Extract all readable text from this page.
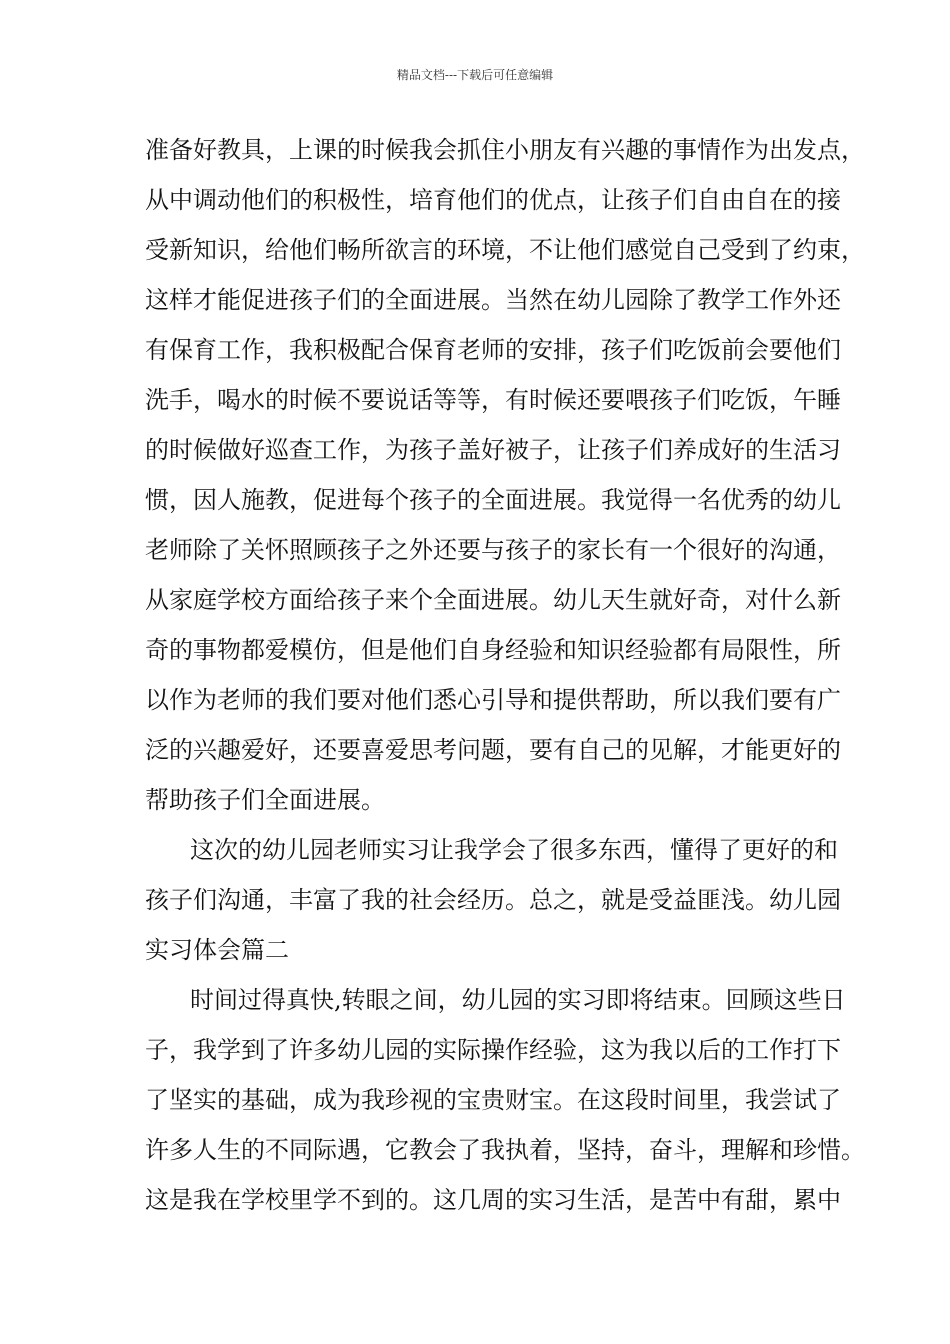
精品文档---下载后可任意编辑
准备好教具，上课的时候我会抓住小朋友有兴趣的事情作为出发点，
从中调动他们的积极性，培育他们的优点，让孩子们自由自在的接
受新知识，给他们畅所欲言的环境，不让他们感觉自己受到了约束，
这样才能促进孩子们的全面进展。当然在幼儿园除了教学工作外还
有保育工作，我积极配合保育老师的安排，孩子们吃饭前会要他们
洗手，喝水的时候不要说话等等，有时候还要喂孩子们吃饭，午睡
的时候做好巡查工作，为孩子盖好被子，让孩子们养成好的生活习
惯，因人施教，促进每个孩子的全面进展。我觉得一名优秀的幼儿
老师除了关怀照顾孩子之外还要与孩子的家长有一个很好的沟通，
从家庭学校方面给孩子来个全面进展。幼儿天生就好奇，对什么新
奇的事物都爱模仿，但是他们自身经验和知识经验都有局限性，所
以作为老师的我们要对他们悉心引导和提供帮助，所以我们要有广
泛的兴趣爱好，还要喜爱思考问题，要有自己的见解，才能更好的
帮助孩子们全面进展。
这次的幼儿园老师实习让我学会了很多东西，懂得了更好的和
孩子们沟通，丰富了我的社会经历。总之，就是受益匪浅。幼儿园
实习体会篇二
时间过得真快,转眼之间，幼儿园的实习即将结束。回顾这些日
子，我学到了许多幼儿园的实际操作经验，这为我以后的工作打下
了坚实的基础，成为我珍视的宝贵财宝。在这段时间里，我尝试了
许多人生的不同际遇，它教会了我执着，坚持，奋斗，理解和珍惜。
这是我在学校里学不到的。这几周的实习生活，是苦中有甜，累中
